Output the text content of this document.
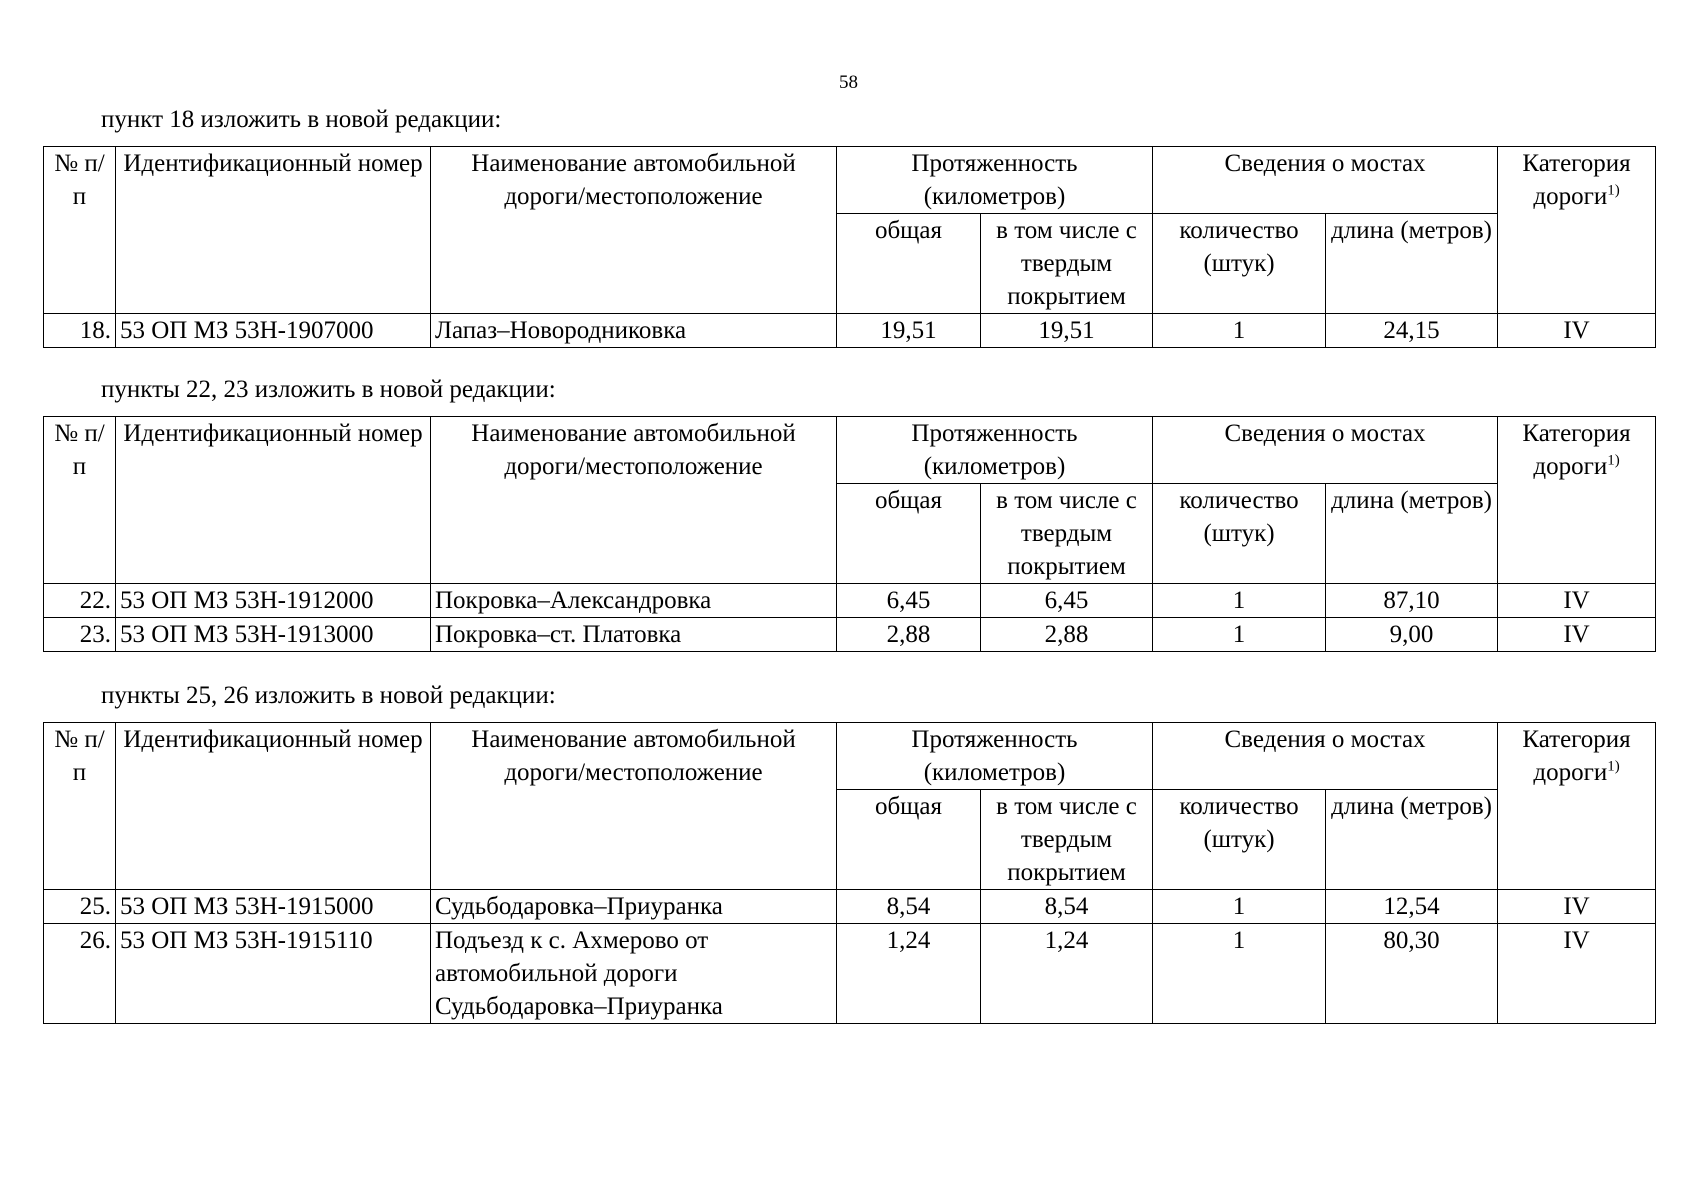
58

пункт 18 изложить в новой редакции:

№ п/п	Идентификационный номер	Наименование автомобильной дороги/местоположение	Протяженность (километров)		Сведения о мостах		Категория дороги$^{1)}$
			общая	в том числе с твердым покрытием	количество (штук)	длина (метров)	
18.	53 ОП МЗ 53Н-1907000	Лапаз–Новородниковка	19,51	19,51	1	24,15	IV

пункты 22, 23 изложить в новой редакции:

№ п/п	Идентификационный номер	Наименование автомобильной дороги/местоположение	Протяженность (километров)		Сведения о мостах		Категория дороги$^{1)}$
			общая	в том числе с твердым покрытием	количество (штук)	длина (метров)	
22.	53 ОП МЗ 53Н-1912000	Покровка–Александровка	6,45	6,45	1	87,10	IV
23.	53 ОП МЗ 53Н-1913000	Покровка–ст. Платовка	2,88	2,88	1	9,00	IV

пункты 25, 26 изложить в новой редакции:

№ п/п	Идентификационный номер	Наименование автомобильной дороги/местоположение	Протяженность (километров)		Сведения о мостах		Категория дороги$^{1)}$
			общая	в том числе с твердым покрытием	количество (штук)	длина (метров)	
25.	53 ОП МЗ 53Н-1915000	Судьбодаровка–Приуранка	8,54	8,54	1	12,54	IV
26.	53 ОП МЗ 53Н-1915110	Подъезд к с. Ахмерово от автомобильной дороги Судьбодаровка–Приуранка	1,24	1,24	1	80,30	IV
